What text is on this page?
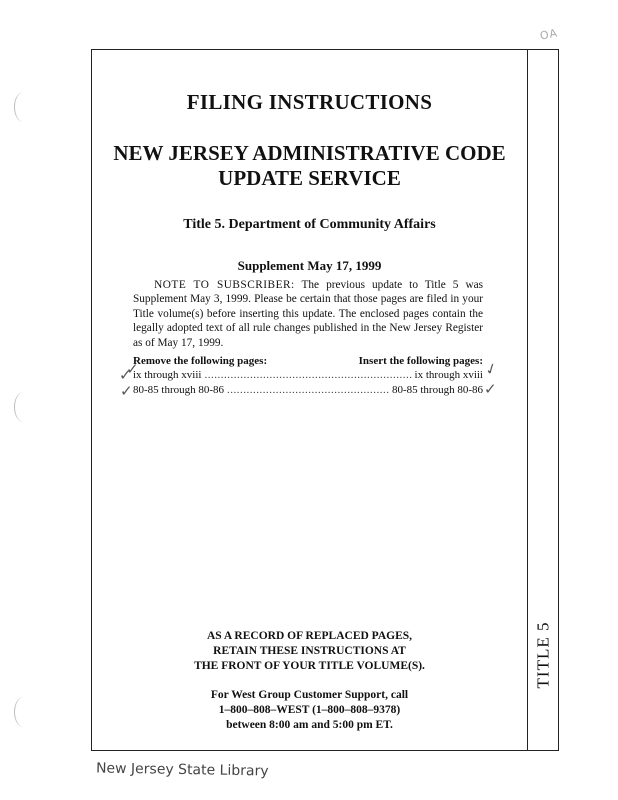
OA
TITLE 5
FILING INSTRUCTIONS
NEW JERSEY ADMINISTRATIVE CODE
UPDATE SERVICE
Title 5. Department of Community Affairs
Supplement May 17, 1999
NOTE TO SUBSCRIBER: The previous update to Title 5 was Supplement May 3, 1999. Please be certain that those pages are filed in your Title volume(s) before inserting this update. The enclosed pages contain the legally adopted text of all rule changes published in the New Jersey Register as of May 17, 1999.
Remove the following pages:	Insert the following pages:
ix through xviii .....	ix through xviii
80-85 through 80-86 .....	80-85 through 80-86
✓
✓
✓
✓
✓
AS A RECORD OF REPLACED PAGES,
RETAIN THESE INSTRUCTIONS AT
THE FRONT OF YOUR TITLE VOLUME(S).
For West Group Customer Support, call
1–800–808–WEST (1–800–808–9378)
between 8:00 am and 5:00 pm ET.
New Jersey State Library
